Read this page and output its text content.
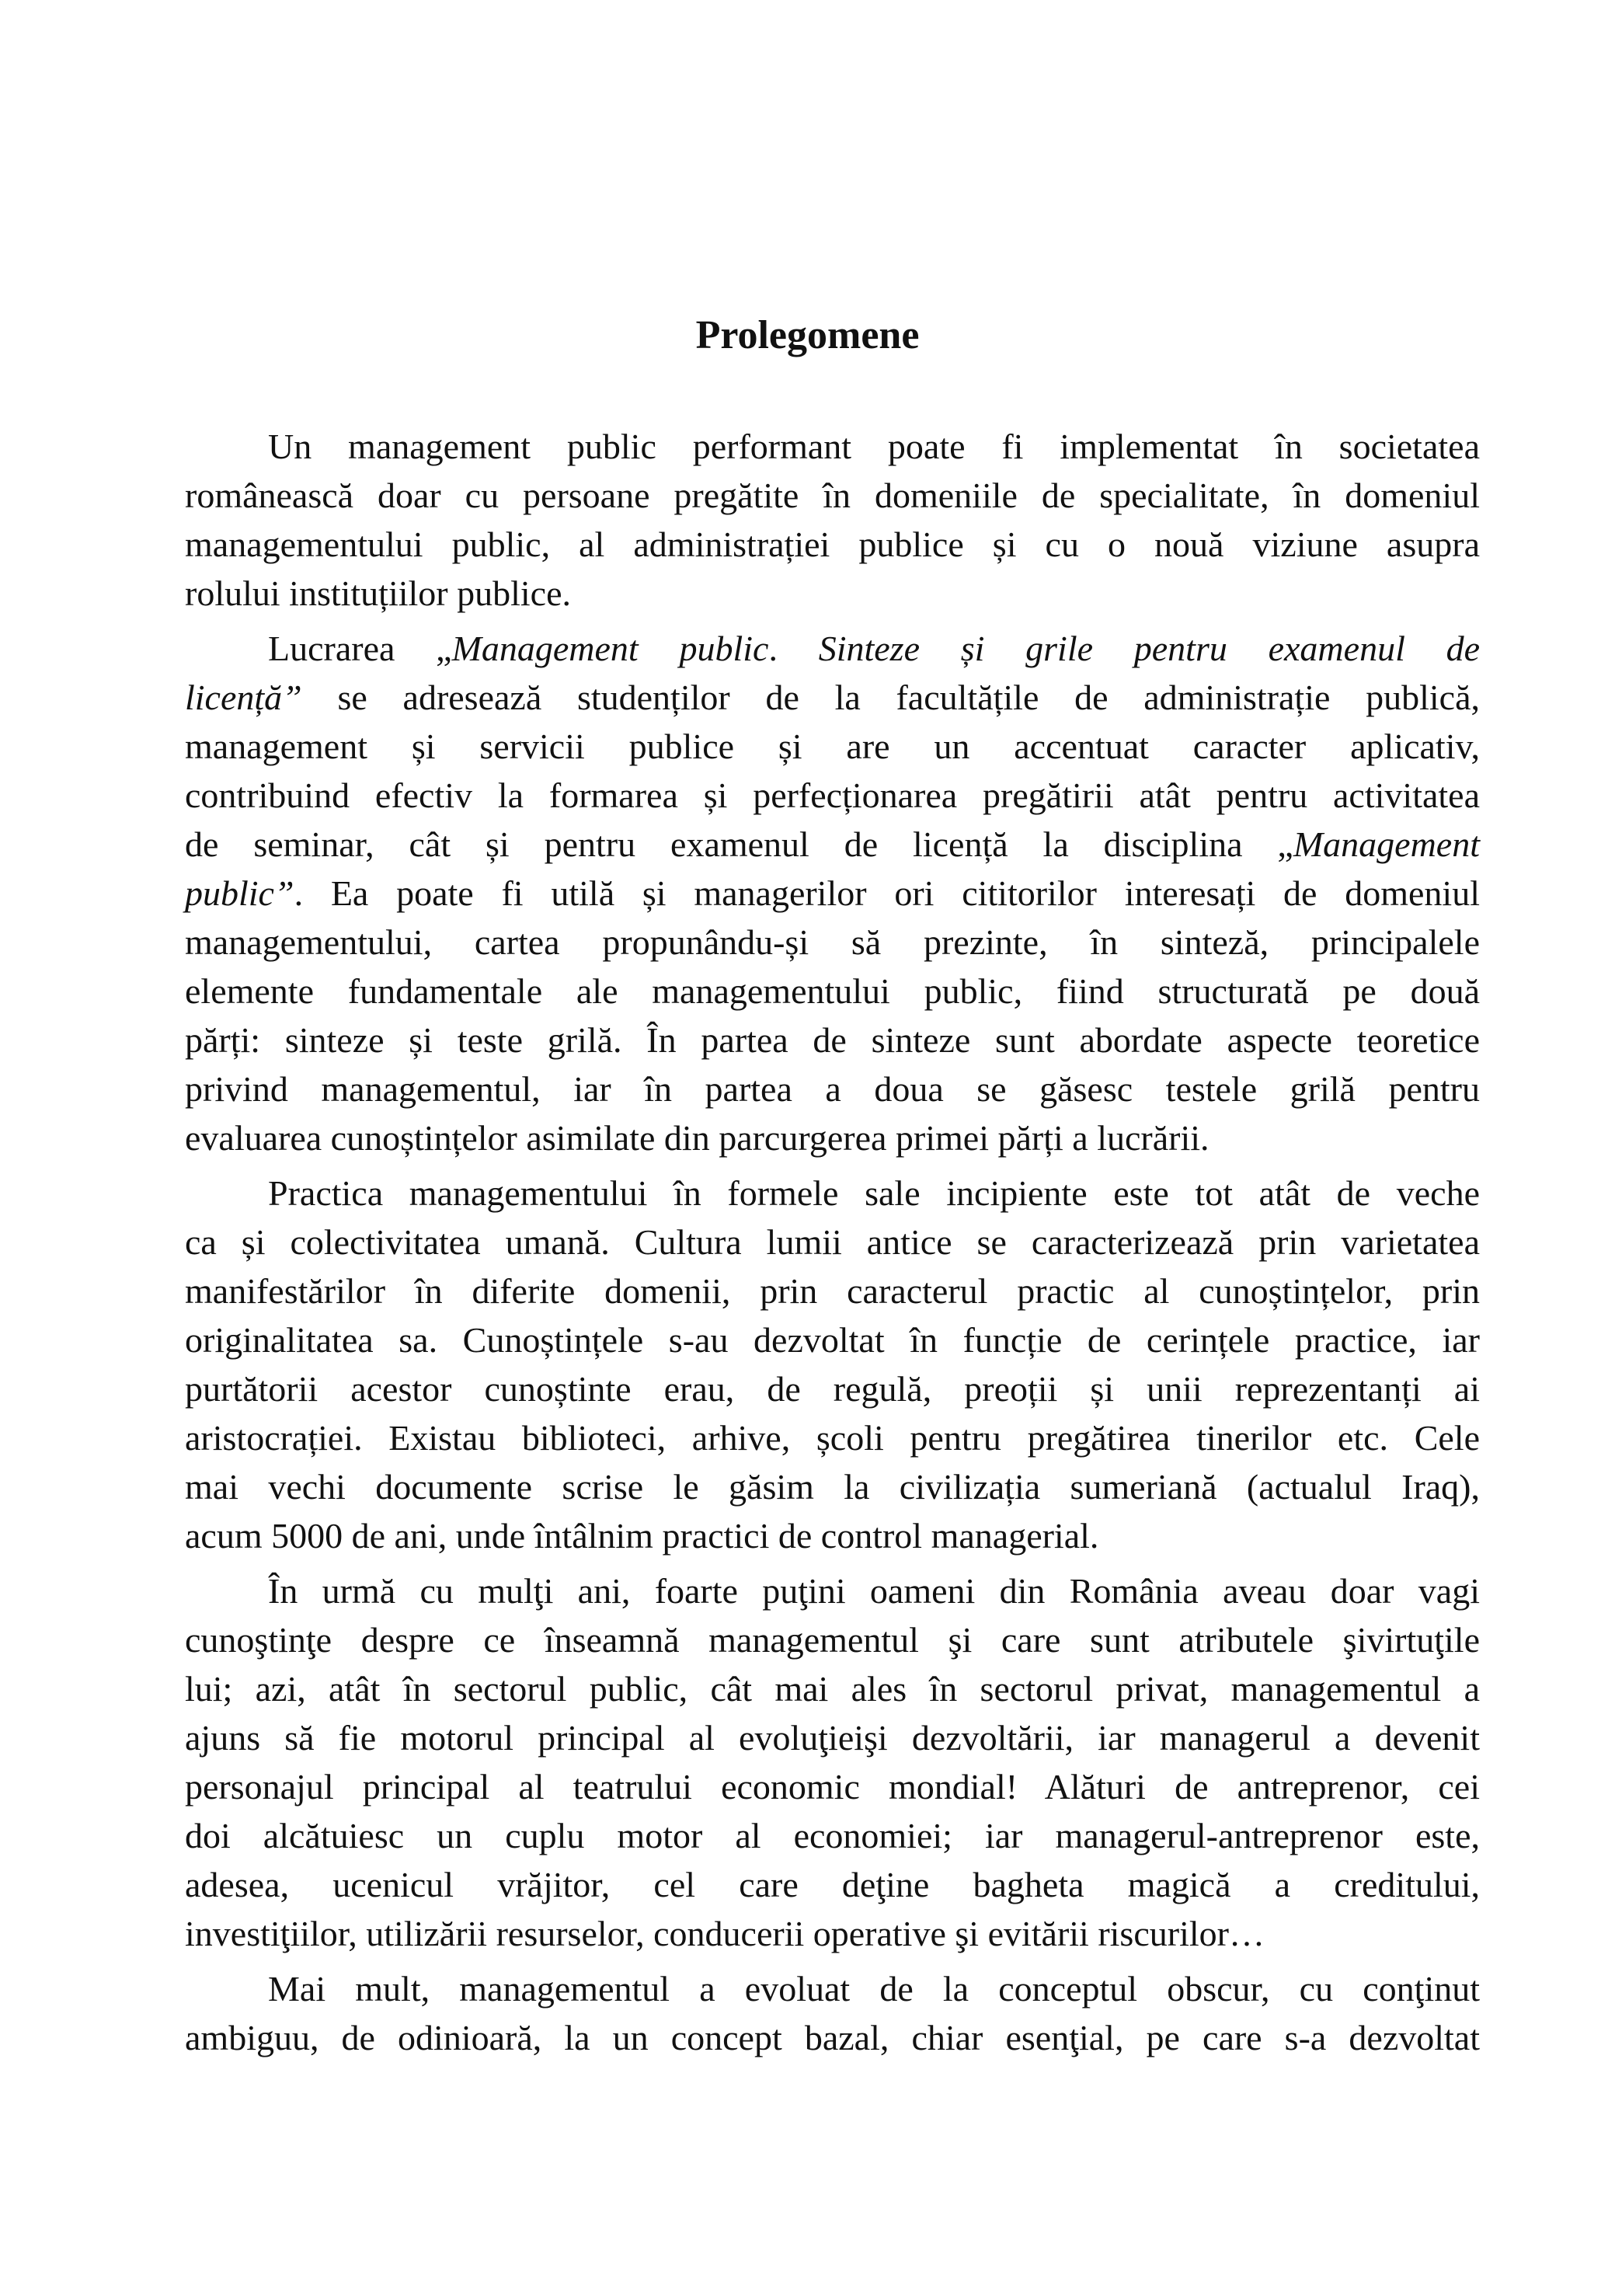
Prolegomene
Un management public performant poate fi implementat în societatea
românească doar cu persoane pregătite în domeniile de specialitate, în domeniul
managementului public, al administrației publice și cu o nouă viziune asupra
rolului instituțiilor publice.
Lucrarea „Management public. Sinteze și grile pentru examenul de
licență” se adresează studenților de la facultățile de administrație publică,
management și servicii publice și are un accentuat caracter aplicativ,
contribuind efectiv la formarea și perfecționarea pregătirii atât pentru activitatea
de seminar, cât și pentru examenul de licență la disciplina „Management
public”. Ea poate fi utilă și managerilor ori cititorilor interesați de domeniul
managementului, cartea propunându-și să prezinte, în sinteză, principalele
elemente fundamentale ale managementului public, fiind structurată pe două
părți: sinteze și teste grilă. În partea de sinteze sunt abordate aspecte teoretice
privind managementul, iar în partea a doua se găsesc testele grilă pentru
evaluarea cunoștințelor asimilate din parcurgerea primei părți a lucrării.
Practica managementului în formele sale incipiente este tot atât de veche
ca și colectivitatea umană. Cultura lumii antice se caracterizează prin varietatea
manifestărilor în diferite domenii, prin caracterul practic al cunoștințelor, prin
originalitatea sa. Cunoștințele s-au dezvoltat în funcție de cerințele practice, iar
purtătorii acestor cunoștinte erau, de regulă, preoții și unii reprezentanți ai
aristocrației. Existau biblioteci, arhive, școli pentru pregătirea tinerilor etc. Cele
mai vechi documente scrise le găsim la civilizația sumeriană (actualul Iraq),
acum 5000 de ani, unde întâlnim practici de control managerial.
În urmă cu mulţi ani, foarte puţini oameni din România aveau doar vagi
cunoştinţe despre ce înseamnă managementul şi care sunt atributele şivirtuţile
lui; azi, atât în sectorul public, cât mai ales în sectorul privat, managementul a
ajuns să fie motorul principal al evoluţieişi dezvoltării, iar managerul a devenit
personajul principal al teatrului economic mondial! Alături de antreprenor, cei
doi alcătuiesc un cuplu motor al economiei; iar managerul-antreprenor este,
adesea, ucenicul vrăjitor, cel care deţine bagheta magică a creditului,
investiţiilor, utilizării resurselor, conducerii operative şi evitării riscurilor…
Mai mult, managementul a evoluat de la conceptul obscur, cu conţinut
ambiguu, de odinioară, la un concept bazal, chiar esenţial, pe care s-a dezvoltat
